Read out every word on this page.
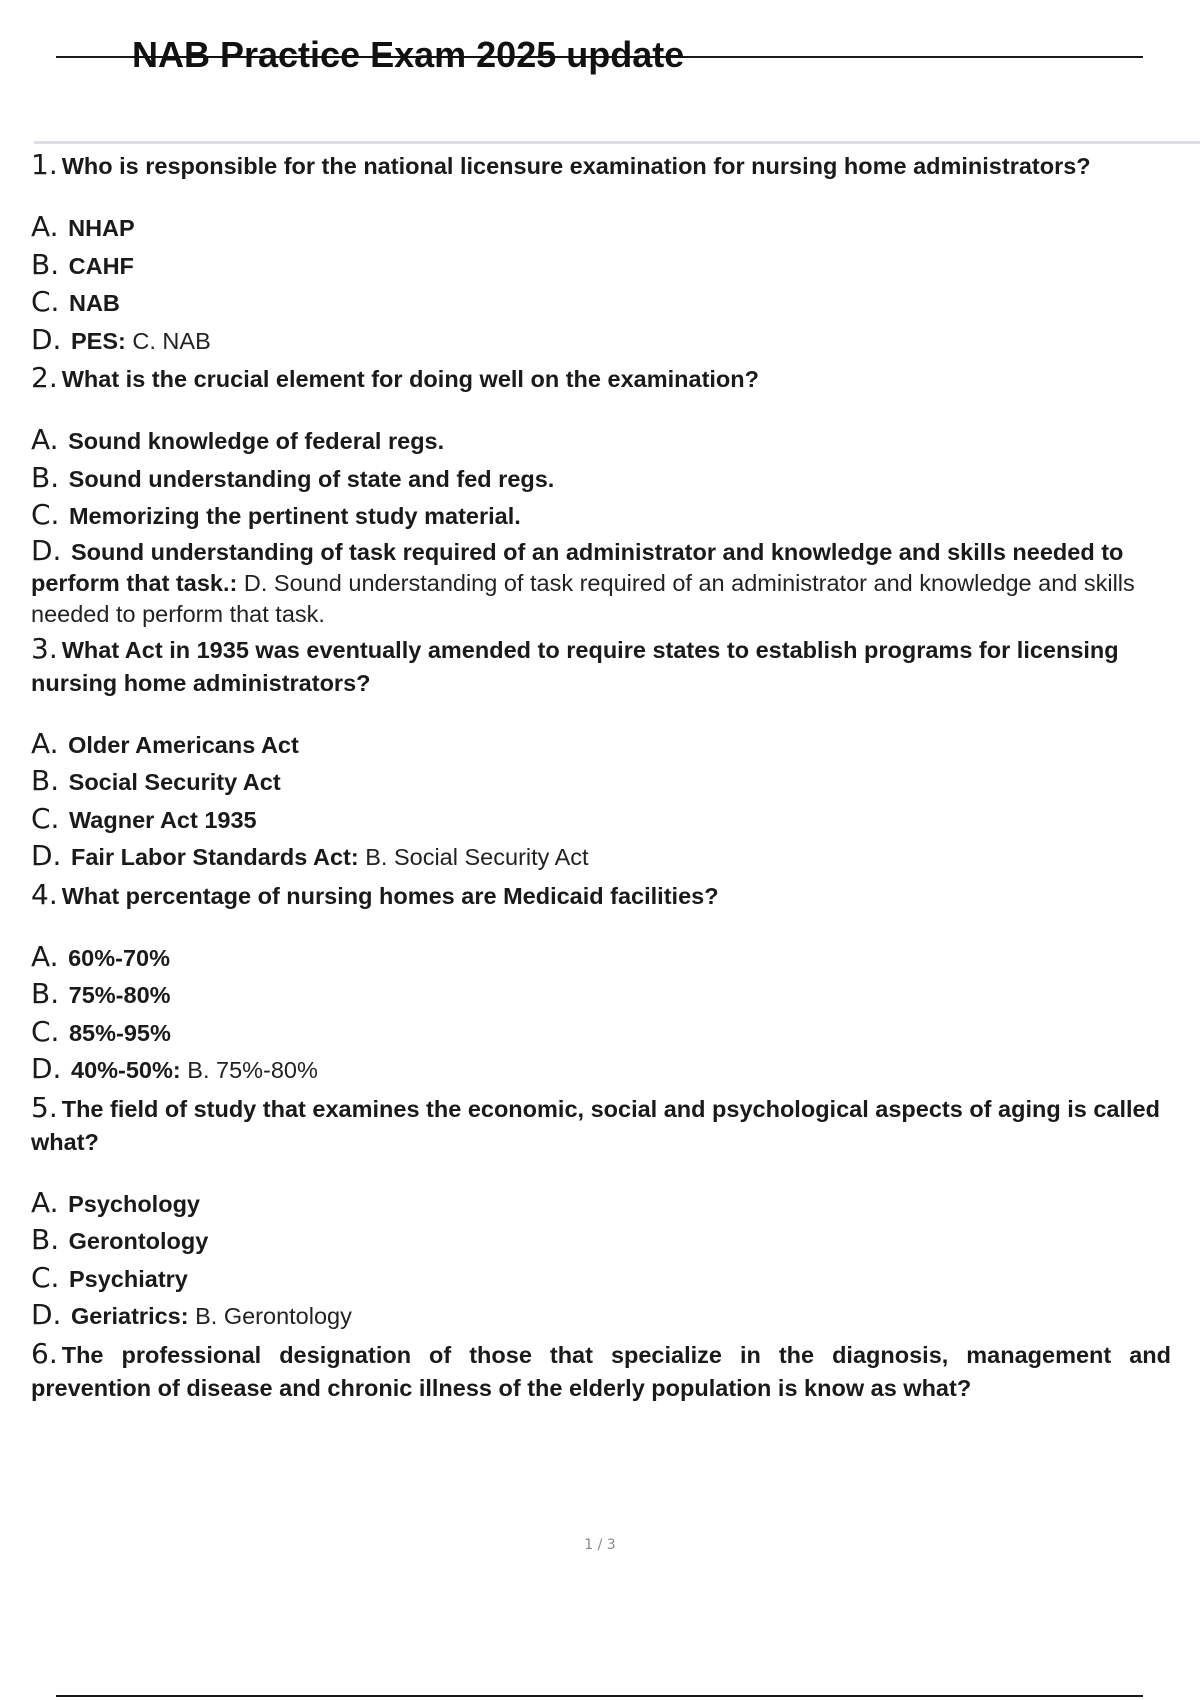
NAB Practice Exam 2025 update

1. Who is responsible for the national licensure examination for nursing home administrators?

A. NHAP

B. CAHF

C. NAB

D. PES: C. NAB

2. What is the crucial element for doing well on the examination?

A. Sound knowledge of federal regs.

B. Sound understanding of state and fed regs.

C. Memorizing the pertinent study material.

D. Sound understanding of task required of an administrator and knowledge and skills needed to perform that task.: D. Sound understanding of task required of an administrator and knowledge and skills needed to perform that task.

3. What Act in 1935 was eventually amended to require states to establish programs for licensing nursing home administrators?

A. Older Americans Act

B. Social Security Act

C. Wagner Act 1935

D. Fair Labor Standards Act: B. Social Security Act

4. What percentage of nursing homes are Medicaid facilities?

A. 60%-70%

B. 75%-80%

C. 85%-95%

D. 40%-50%: B. 75%-80%

5. The field of study that examines the economic, social and psychological aspects of aging is called what?

A. Psychology

B. Gerontology

C. Psychiatry

D. Geriatrics: B. Gerontology

6. The professional designation of those that specialize in the diagnosis, management and prevention of disease and chronic illness of the elderly population is know as what?

1 / 3
